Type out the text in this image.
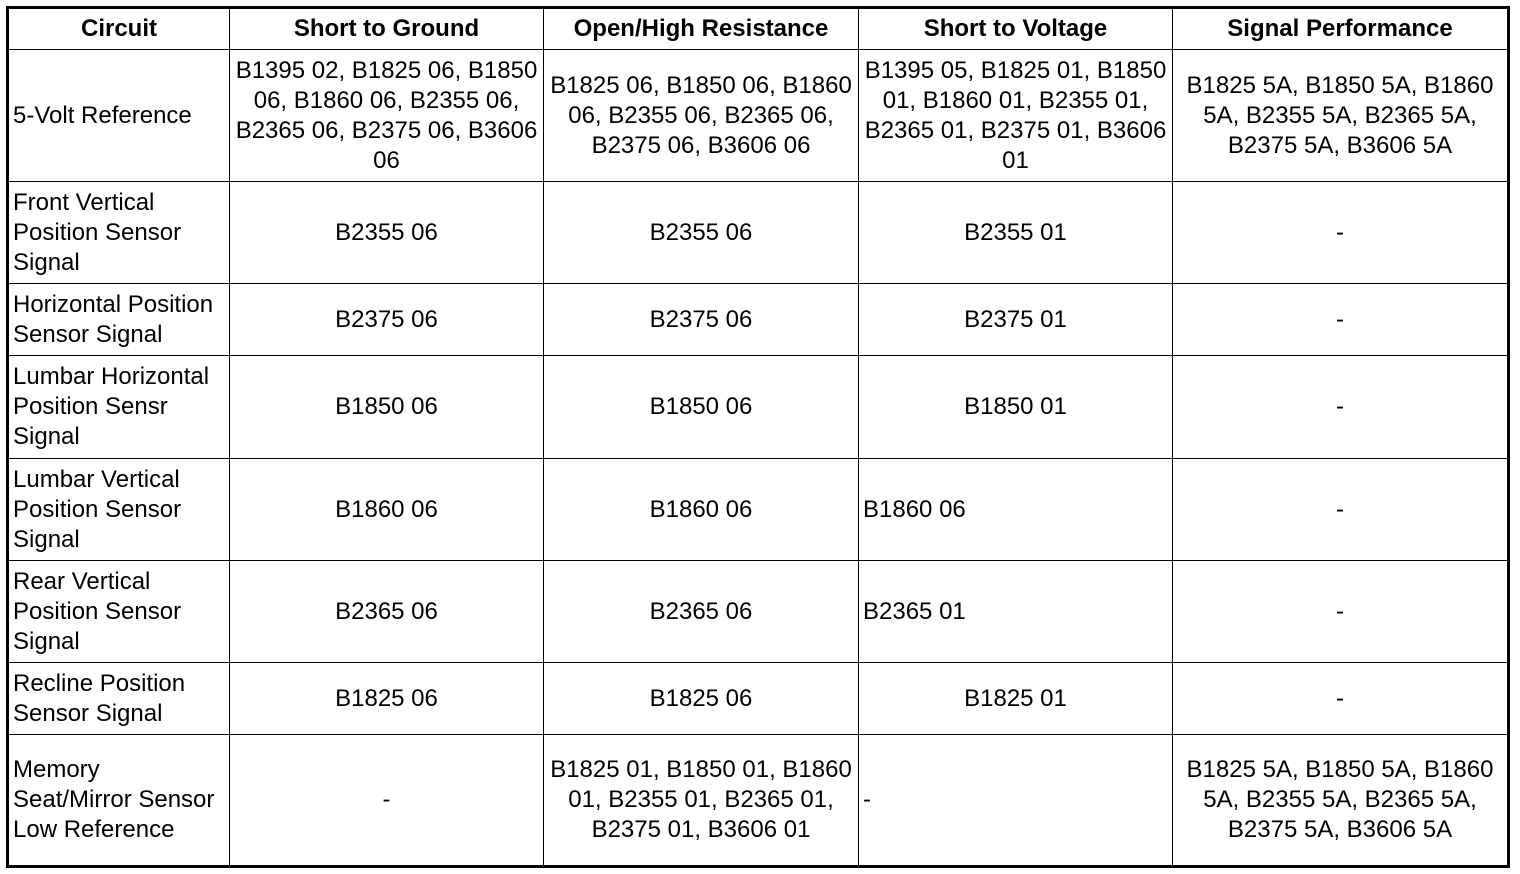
Circuit	Short to Ground	Open/High Resistance	Short to Voltage	Signal Performance
5-Volt Reference	B1395 02, B1825 06, B1850 06, B1860 06, B2355 06, B2365 06, B2375 06, B3606 06	B1825 06, B1850 06, B1860 06, B2355 06, B2365 06, B2375 06, B3606 06	B1395 05, B1825 01, B1850 01, B1860 01, B2355 01, B2365 01, B2375 01, B3606 01	B1825 5A, B1850 5A, B1860 5A, B2355 5A, B2365 5A, B2375 5A, B3606 5A
Front Vertical Position Sensor Signal	B2355 06	B2355 06	B2355 01	-
Horizontal Position Sensor Signal	B2375 06	B2375 06	B2375 01	-
Lumbar Horizontal Position Sensr Signal	B1850 06	B1850 06	B1850 01	-
Lumbar Vertical Position Sensor Signal	B1860 06	B1860 06	B1860 06	-
Rear Vertical Position Sensor Signal	B2365 06	B2365 06	B2365 01	-
Recline Position Sensor Signal	B1825 06	B1825 06	B1825 01	-
Memory Seat/Mirror Sensor Low Reference	-	B1825 01, B1850 01, B1860 01, B2355 01, B2365 01, B2375 01, B3606 01	-	B1825 5A, B1850 5A, B1860 5A, B2355 5A, B2365 5A, B2375 5A, B3606 5A
